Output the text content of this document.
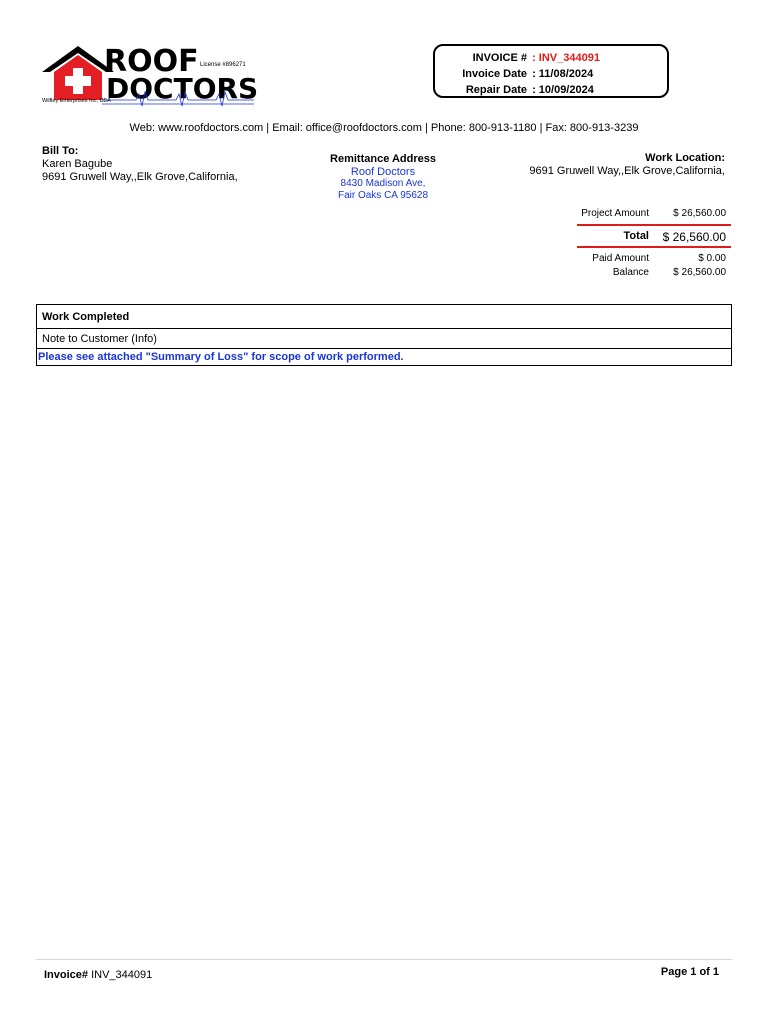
ROOF
DOCTORS
License #896271
Wilfley Enterprises Inc, DBA
INVOICE # : INV_344091
Invoice Date : 11/08/2024
Repair Date : 10/09/2024
Web: www.roofdoctors.com | Email: office@roofdoctors.com | Phone: 800-913-1180 | Fax: 800-913-3239
Bill To:
Karen Bagube
9691 Gruwell Way,,Elk Grove,California,
Remittance Address
Roof Doctors
8430 Madison Ave,
Fair Oaks CA 95628
Work Location:
9691 Gruwell Way,,Elk Grove,California,
Project Amount $ 26,560.00
Total $ 26,560.00
Paid Amount	$ 0.00
Balance $ 26,560.00
Work Completed
Note to Customer (Info)
Please see attached "Summary of Loss" for scope of work performed.
Invoice# INV_344091	Page 1 of 1
